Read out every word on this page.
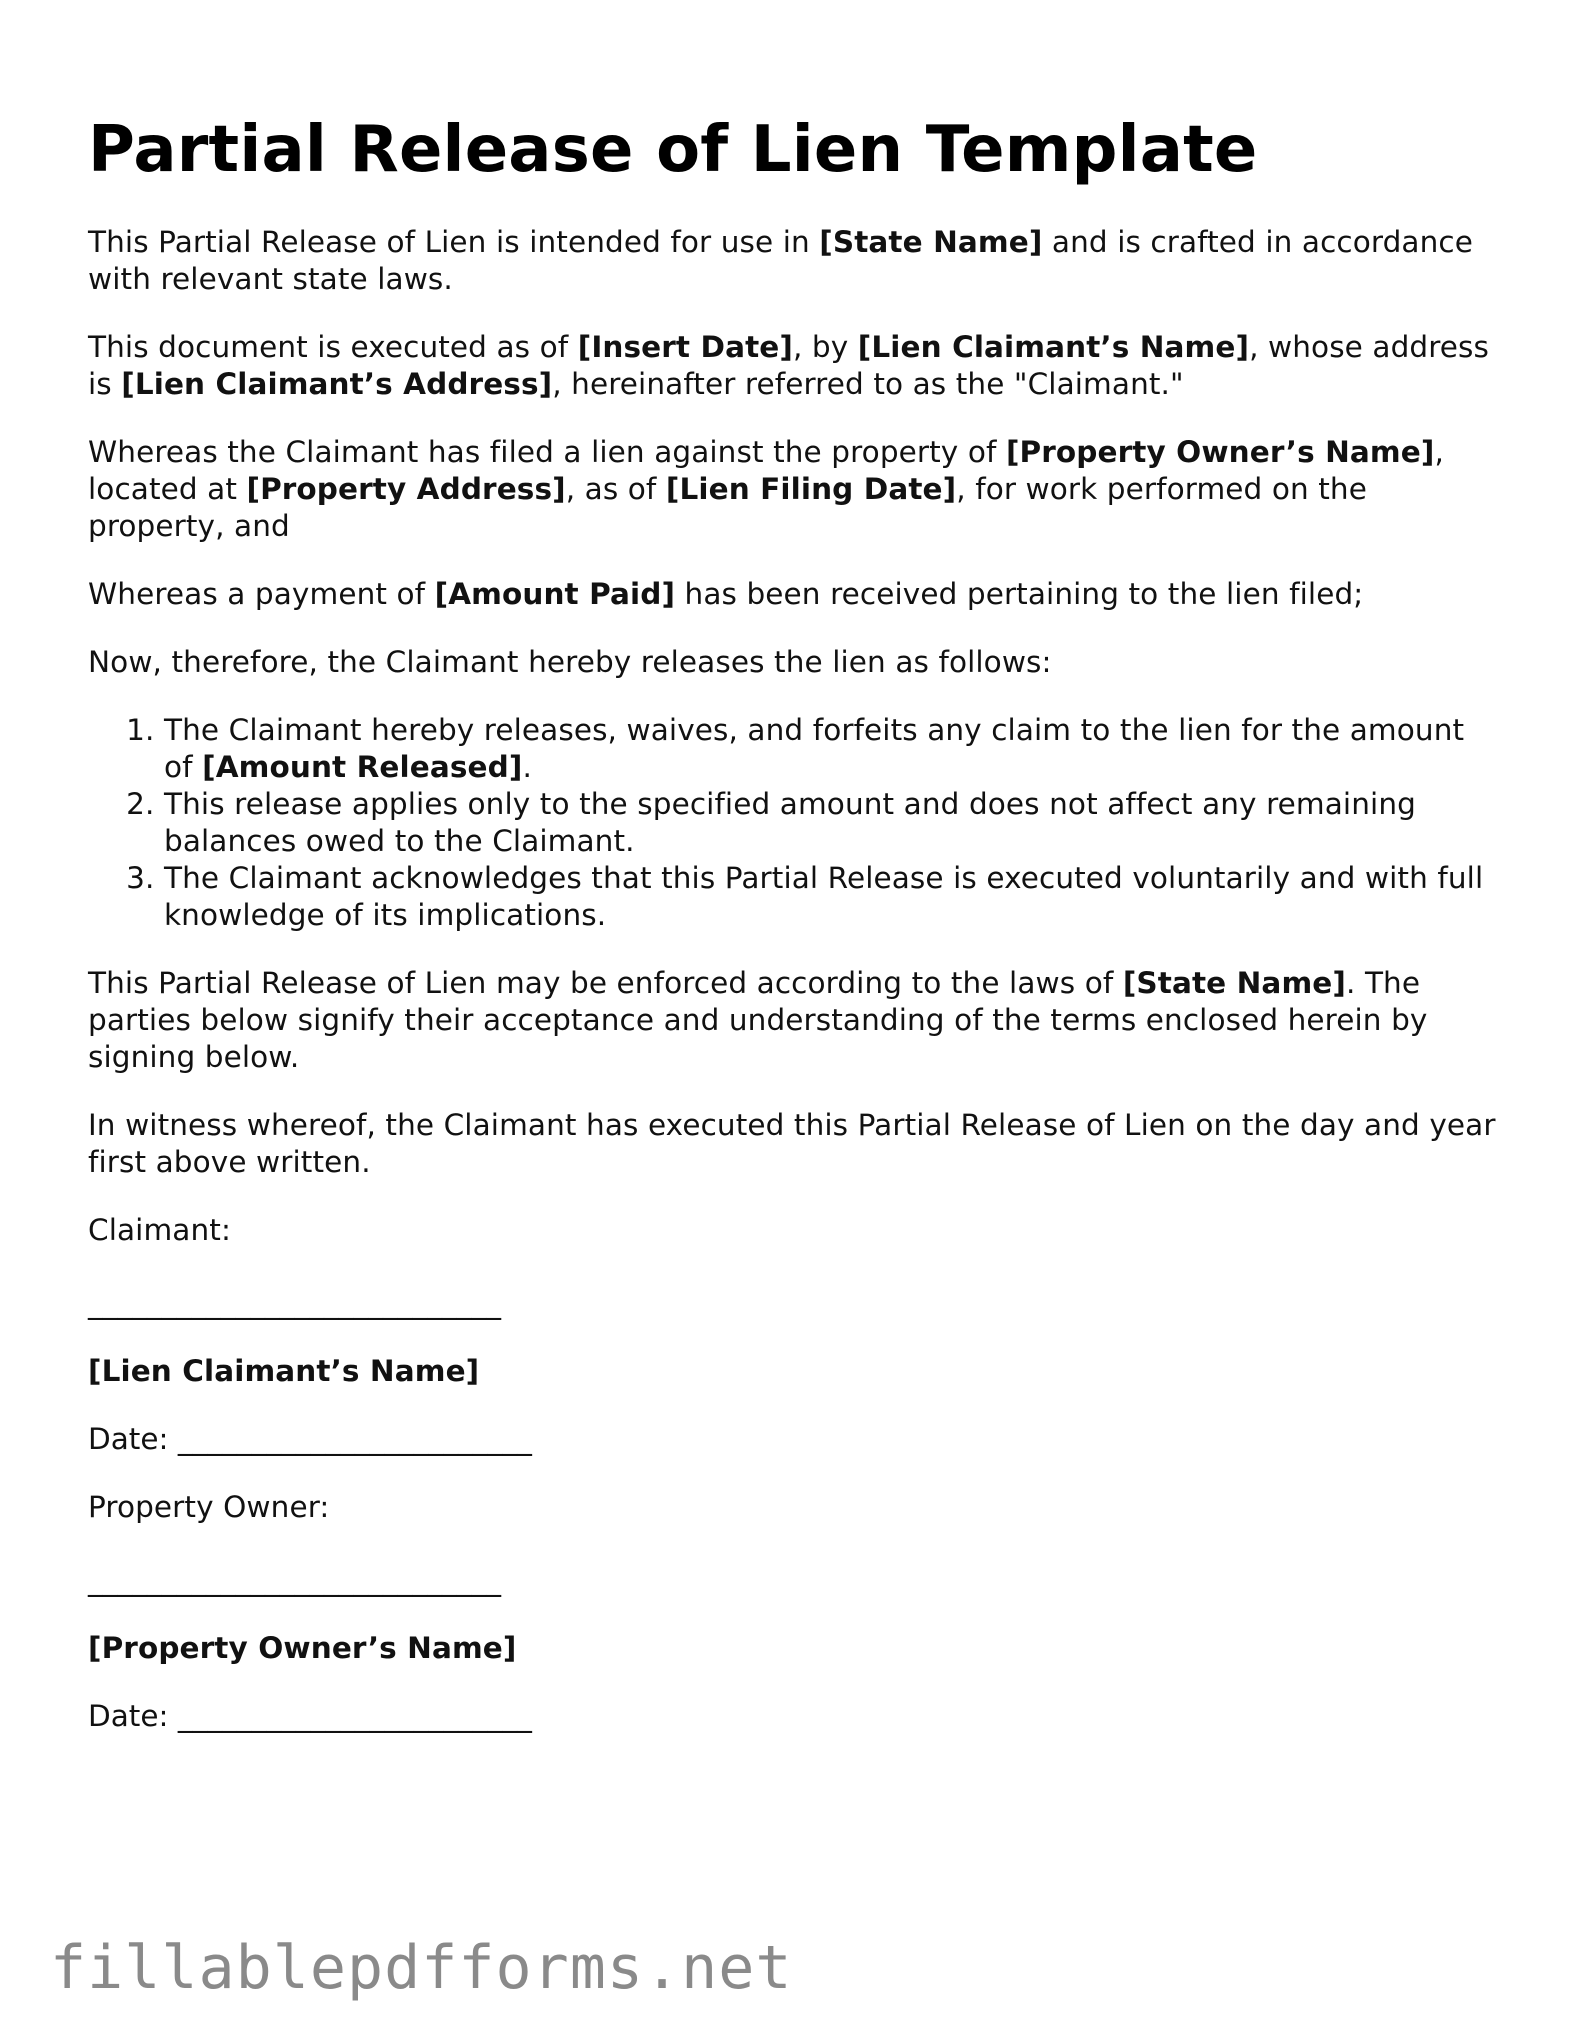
Partial Release of Lien Template

This Partial Release of Lien is intended for use in [State Name] and is crafted in accordance with relevant state laws.

This document is executed as of [Insert Date], by [Lien Claimant’s Name], whose address is [Lien Claimant’s Address], hereinafter referred to as the "Claimant."

Whereas the Claimant has filed a lien against the property of [Property Owner’s Name], located at [Property Address], as of [Lien Filing Date], for work performed on the property, and

Whereas a payment of [Amount Paid] has been received pertaining to the lien filed;

Now, therefore, the Claimant hereby releases the lien as follows:

1. The Claimant hereby releases, waives, and forfeits any claim to the lien for the amount of [Amount Released].
2. This release applies only to the specified amount and does not affect any remaining balances owed to the Claimant.
3. The Claimant acknowledges that this Partial Release is executed voluntarily and with full knowledge of its implications.

This Partial Release of Lien may be enforced according to the laws of [State Name]. The parties below signify their acceptance and understanding of the terms enclosed herein by signing below.

In witness whereof, the Claimant has executed this Partial Release of Lien on the day and year first above written.

Claimant:

____________________________

[Lien Claimant’s Name]

Date: ________________________

Property Owner:

____________________________

[Property Owner’s Name]

Date: ________________________
fillablepdfforms.net
